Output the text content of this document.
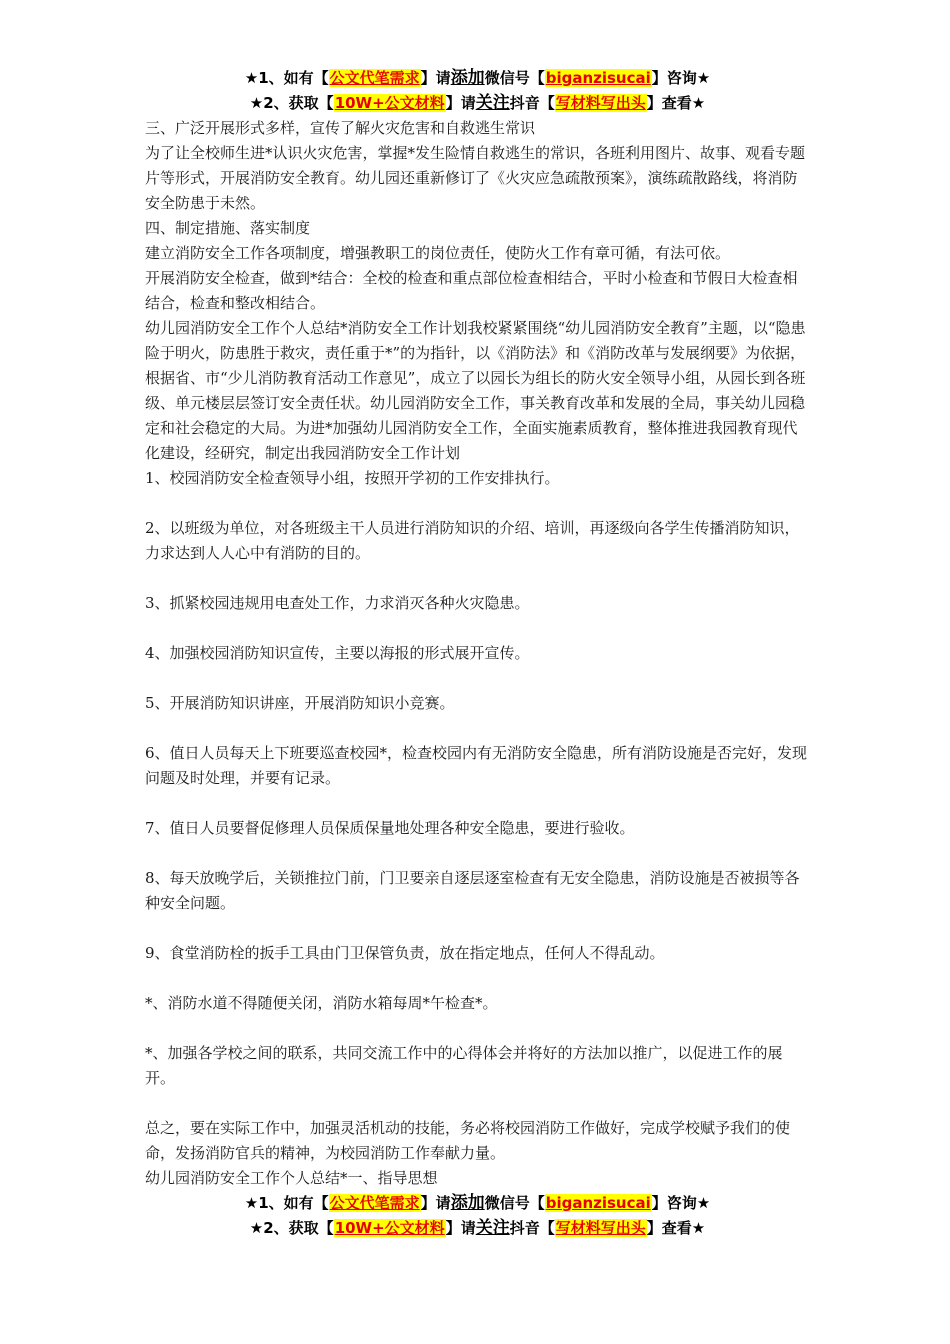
★1、如有【公文代笔需求】请添加微信号【biganzisucai】咨询★
★2、获取【10W+公文材料】请关注抖音【写材料写出头】查看★

三、广泛开展形式多样，宣传了解火灾危害和自救逃生常识

为了让全校师生进*认识火灾危害，掌握*发生险情自救逃生的常识，各班利用图片、故事、观看专题片等形式，开展消防安全教育。幼儿园还重新修订了《火灾应急疏散预案》，演练疏散路线，将消防安全防患于未然。

四、制定措施、落实制度

建立消防安全工作各项制度，增强教职工的岗位责任，使防火工作有章可循，有法可依。

开展消防安全检查，做到*结合：全校的检查和重点部位检查相结合，平时小检查和节假日大检查相结合，检查和整改相结合。

幼儿园消防安全工作个人总结*消防安全工作计划我校紧紧围绕“幼儿园消防安全教育”主题，以“隐患险于明火，防患胜于救灾，责任重于*”的为指针，以《消防法》和《消防改革与发展纲要》为依据，根据省、市“少儿消防教育活动工作意见”，成立了以园长为组长的防火安全领导小组，从园长到各班级、单元楼层层签订安全责任状。幼儿园消防安全工作，事关教育改革和发展的全局，事关幼儿园稳定和社会稳定的大局。为进*加强幼儿园消防安全工作，全面实施素质教育，整体推进我园教育现代化建设，经研究，制定出我园消防安全工作计划

1、校园消防安全检查领导小组，按照开学初的工作安排执行。

2、以班级为单位，对各班级主干人员进行消防知识的介绍、培训，再逐级向各学生传播消防知识，力求达到人人心中有消防的目的。

3、抓紧校园违规用电查处工作，力求消灭各种火灾隐患。

4、加强校园消防知识宣传，主要以海报的形式展开宣传。

5、开展消防知识讲座，开展消防知识小竞赛。

6、值日人员每天上下班要巡查校园*，检查校园内有无消防安全隐患，所有消防设施是否完好，发现问题及时处理，并要有记录。

7、值日人员要督促修理人员保质保量地处理各种安全隐患，要进行验收。

8、每天放晚学后，关锁推拉门前，门卫要亲自逐层逐室检查有无安全隐患，消防设施是否被损等各种安全问题。

9、食堂消防栓的扳手工具由门卫保管负责，放在指定地点，任何人不得乱动。

*、消防水道不得随便关闭，消防水箱每周*午检查*。

*、加强各学校之间的联系，共同交流工作中的心得体会并将好的方法加以推广，以促进工作的展开。

总之，要在实际工作中，加强灵活机动的技能，务必将校园消防工作做好，完成学校赋予我们的使命，发扬消防官兵的精神，为校园消防工作奉献力量。

幼儿园消防安全工作个人总结*一、指导思想

★1、如有【公文代笔需求】请添加微信号【biganzisucai】咨询★
★2、获取【10W+公文材料】请关注抖音【写材料写出头】查看★
